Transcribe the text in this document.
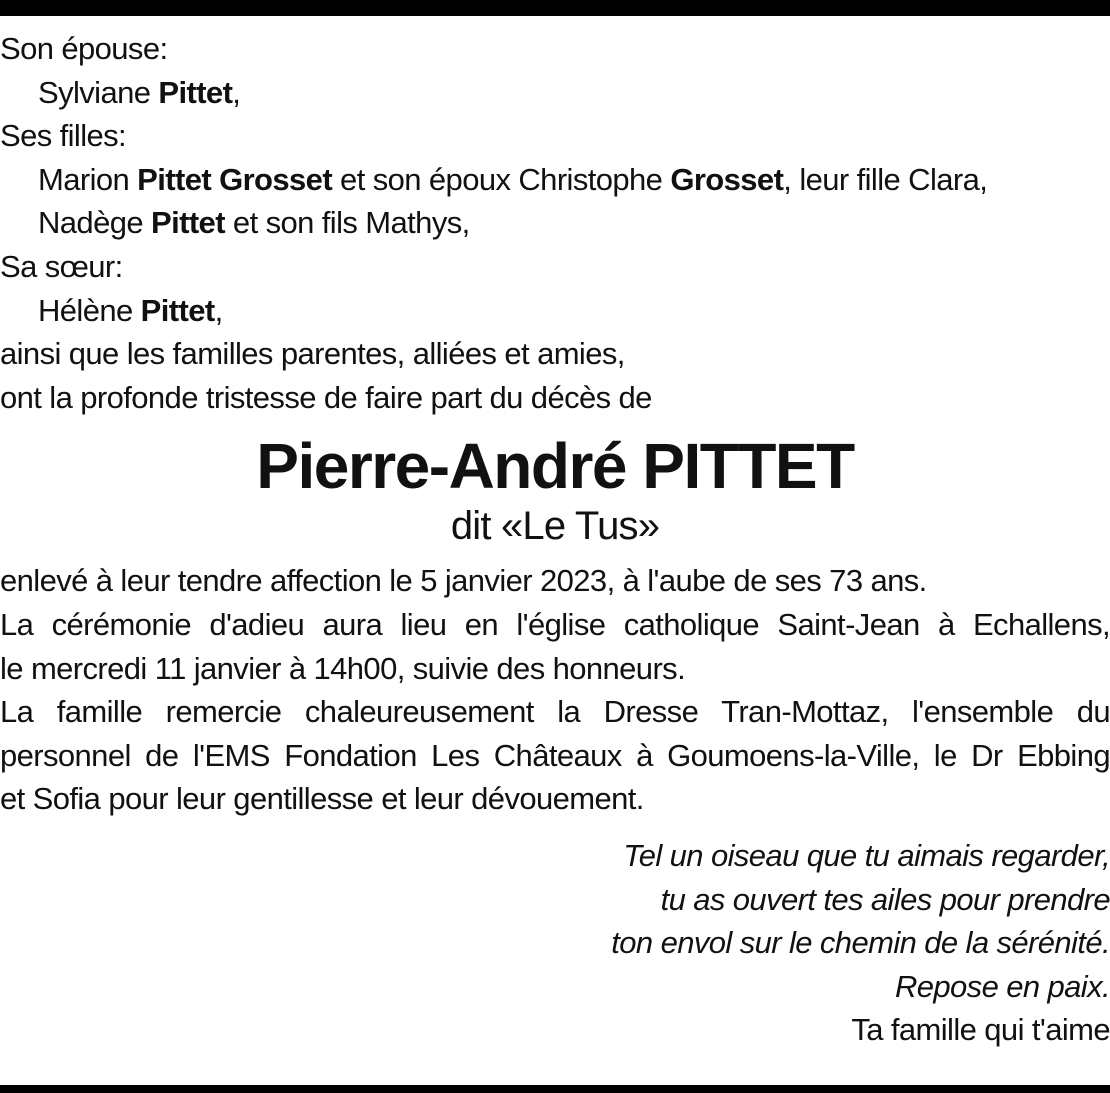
Son épouse:
Sylviane Pittet,
Ses filles:
Marion Pittet Grosset et son époux Christophe Grosset, leur fille Clara,
Nadège Pittet et son fils Mathys,
Sa sœur:
Hélène Pittet,
ainsi que les familles parentes, alliées et amies,
ont la profonde tristesse de faire part du décès de
Pierre-André PITTET
dit «Le Tus»
enlevé à leur tendre affection le 5 janvier 2023, à l'aube de ses 73 ans.
La cérémonie d'adieu aura lieu en l'église catholique Saint-Jean à Echallens,
le mercredi 11 janvier à 14h00, suivie des honneurs.
La famille remercie chaleureusement la Dresse Tran-Mottaz, l'ensemble du
personnel de l'EMS Fondation Les Châteaux à Goumoens-la-Ville, le Dr Ebbing
et Sofia pour leur gentillesse et leur dévouement.
Tel un oiseau que tu aimais regarder,
tu as ouvert tes ailes pour prendre
ton envol sur le chemin de la sérénité.
Repose en paix.
Ta famille qui t'aime
